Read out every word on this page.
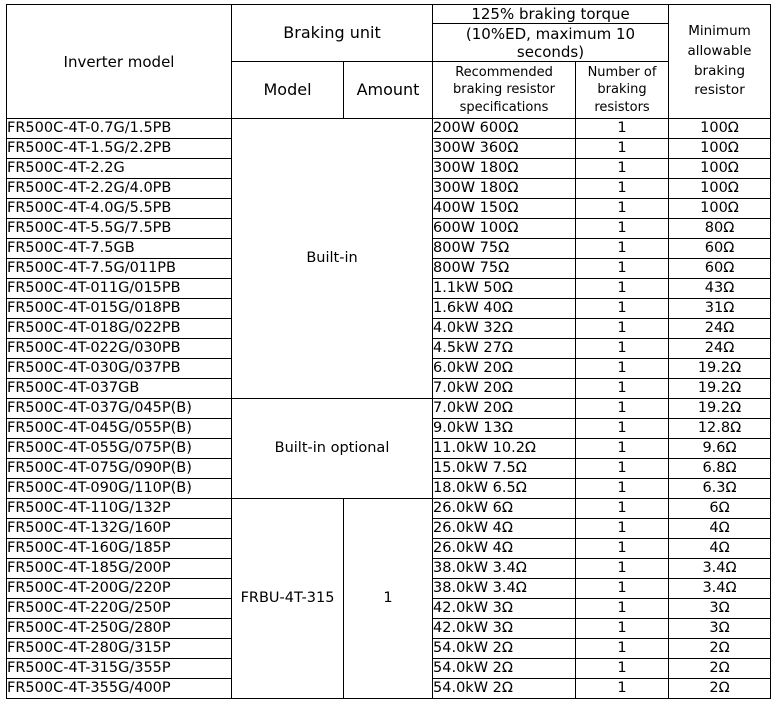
Inverter model	Braking unit		125% braking torque		Minimum allowable braking resistor
			(10%ED, maximum 10 seconds)		
	Model	Amount	Recommended braking resistor specifications	Number of braking resistors	
FR500C-4T-0.7G/1.5PB	Built-in		200W 600Ω	1	100Ω
FR500C-4T-1.5G/2.2PB			300W 360Ω	1	100Ω
FR500C-4T-2.2G			300W 180Ω	1	100Ω
FR500C-4T-2.2G/4.0PB			300W 180Ω	1	100Ω
FR500C-4T-4.0G/5.5PB			400W 150Ω	1	100Ω
FR500C-4T-5.5G/7.5PB			600W 100Ω	1	80Ω
FR500C-4T-7.5GB			800W 75Ω	1	60Ω
FR500C-4T-7.5G/011PB			800W 75Ω	1	60Ω
FR500C-4T-011G/015PB			1.1kW 50Ω	1	43Ω
FR500C-4T-015G/018PB			1.6kW 40Ω	1	31Ω
FR500C-4T-018G/022PB			4.0kW 32Ω	1	24Ω
FR500C-4T-022G/030PB			4.5kW 27Ω	1	24Ω
FR500C-4T-030G/037PB			6.0kW 20Ω	1	19.2Ω
FR500C-4T-037GB			7.0kW 20Ω	1	19.2Ω
FR500C-4T-037G/045P(B)	Built-in optional		7.0kW 20Ω	1	19.2Ω
FR500C-4T-045G/055P(B)			9.0kW 13Ω	1	12.8Ω
FR500C-4T-055G/075P(B)			11.0kW 10.2Ω	1	9.6Ω
FR500C-4T-075G/090P(B)			15.0kW 7.5Ω	1	6.8Ω
FR500C-4T-090G/110P(B)			18.0kW 6.5Ω	1	6.3Ω
FR500C-4T-110G/132P	FRBU-4T-315	1	26.0kW 6Ω	1	6Ω
FR500C-4T-132G/160P			26.0kW 4Ω	1	4Ω
FR500C-4T-160G/185P			26.0kW 4Ω	1	4Ω
FR500C-4T-185G/200P			38.0kW 3.4Ω	1	3.4Ω
FR500C-4T-200G/220P			38.0kW 3.4Ω	1	3.4Ω
FR500C-4T-220G/250P			42.0kW 3Ω	1	3Ω
FR500C-4T-250G/280P			42.0kW 3Ω	1	3Ω
FR500C-4T-280G/315P			54.0kW 2Ω	1	2Ω
FR500C-4T-315G/355P			54.0kW 2Ω	1	2Ω
FR500C-4T-355G/400P			54.0kW 2Ω	1	2Ω
